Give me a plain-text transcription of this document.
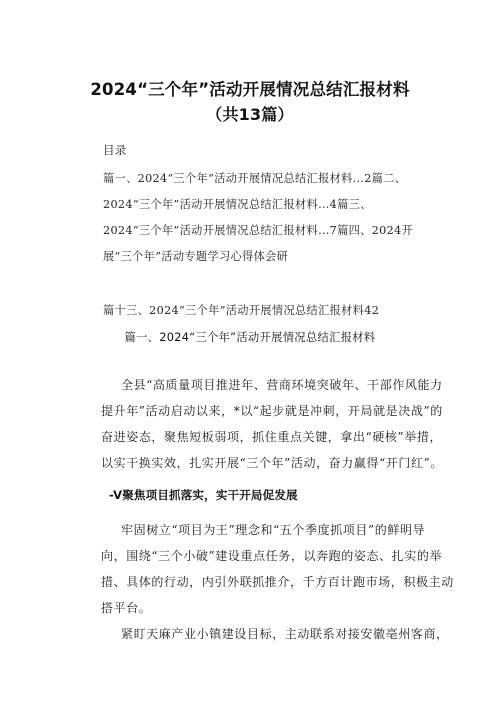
2024“三个年”活动开展情况总结汇报材料
（共13篇）
目录
篇一、2024“三个年”活动开展情况总结汇报材料…2篇二、
2024“三个年”活动开展情况总结汇报材料…4篇三、
2024“三个年”活动开展情况总结汇报材料…7篇四、2024开
展“三个年”活动专题学习心得体会研
篇十三、2024“三个年”活动开展情况总结汇报材料42
篇一、2024“三个年”活动开展情况总结汇报材料
全县“高质量项目推进年、营商环境突破年、干部作风能力
提升年”活动启动以来，*以“起步就是冲刺，开局就是决战”的
奋进姿态，聚焦短板弱项，抓住重点关键，拿出“硬核”举措，
以实干换实效，扎实开展“三个年”活动，奋力赢得“开门红”。
-V聚焦项目抓落实，实干开局促发展
牢固树立“项目为王”理念和“五个季度抓项目”的鲜明导
向，围绕“三个小破”建设重点任务，以奔跑的姿态、扎实的举
措、具体的行动，内引外联抓推介，千方百计跑市场，积极主动
搭平台。
紧盯天麻产业小镇建设目标，主动联系对接安徽亳州客商，
